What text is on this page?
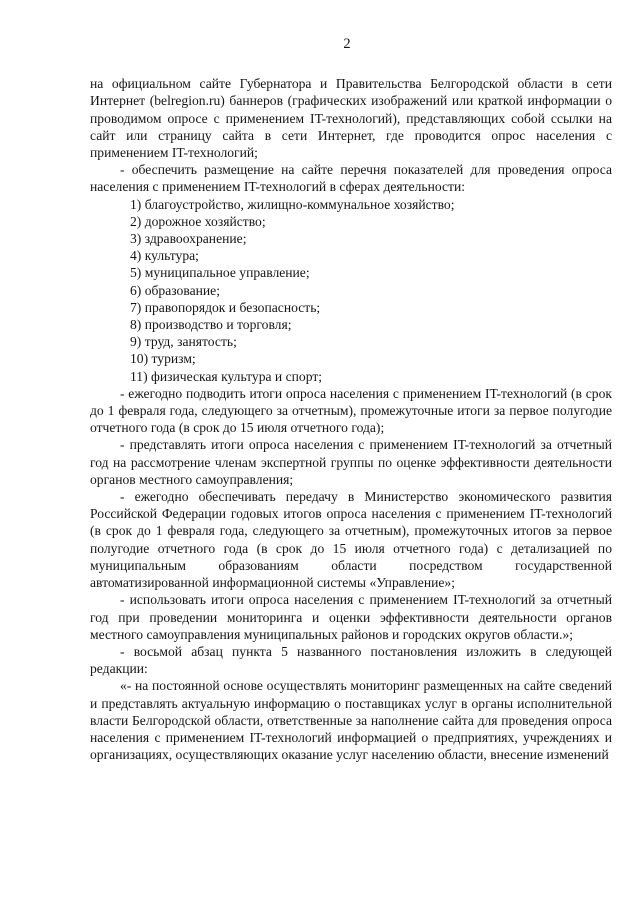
2

на официальном сайте Губернатора и Правительства Белгородской области в сети Интернет (belregion.ru) баннеров (графических изображений или краткой информации о проводимом опросе с применением IT-технологий), представляющих собой ссылки на сайт или страницу сайта в сети Интернет, где проводится опрос населения с применением IT-технологий;

- обеспечить размещение на сайте перечня показателей для проведения опроса населения с применением IT-технологий в сферах деятельности:

1) благоустройство, жилищно-коммунальное хозяйство;

2) дорожное хозяйство;

3) здравоохранение;

4) культура;

5) муниципальное управление;

6) образование;

7) правопорядок и безопасность;

8) производство и торговля;

9) труд, занятость;

10) туризм;

11) физическая культура и спорт;

- ежегодно подводить итоги опроса населения с применением IT-технологий (в срок до 1 февраля года, следующего за отчетным), промежуточные итоги за первое полугодие отчетного года (в срок до 15 июля отчетного года);

- представлять итоги опроса населения с применением IT-технологий за отчетный год на рассмотрение членам экспертной группы по оценке эффективности деятельности органов местного самоуправления;

- ежегодно обеспечивать передачу в Министерство экономического развития Российской Федерации годовых итогов опроса населения с применением IT-технологий (в срок до 1 февраля года, следующего за отчетным), промежуточных итогов за первое полугодие отчетного года (в срок до 15 июля отчетного года) с детализацией по муниципальным образованиям области посредством государственной автоматизированной информационной системы «Управление»;

- использовать итоги опроса населения с применением IT-технологий за отчетный год при проведении мониторинга и оценки эффективности деятельности органов местного самоуправления муниципальных районов и городских округов области.»;

- восьмой абзац пункта 5 названного постановления изложить в следующей редакции:

«- на постоянной основе осуществлять мониторинг размещенных на сайте сведений и представлять актуальную информацию о поставщиках услуг в органы исполнительной власти Белгородской области, ответственные за наполнение сайта для проведения опроса населения с применением IT-технологий информацией о предприятиях, учреждениях и организациях, осуществляющих оказание услуг населению области, внесение изменений
